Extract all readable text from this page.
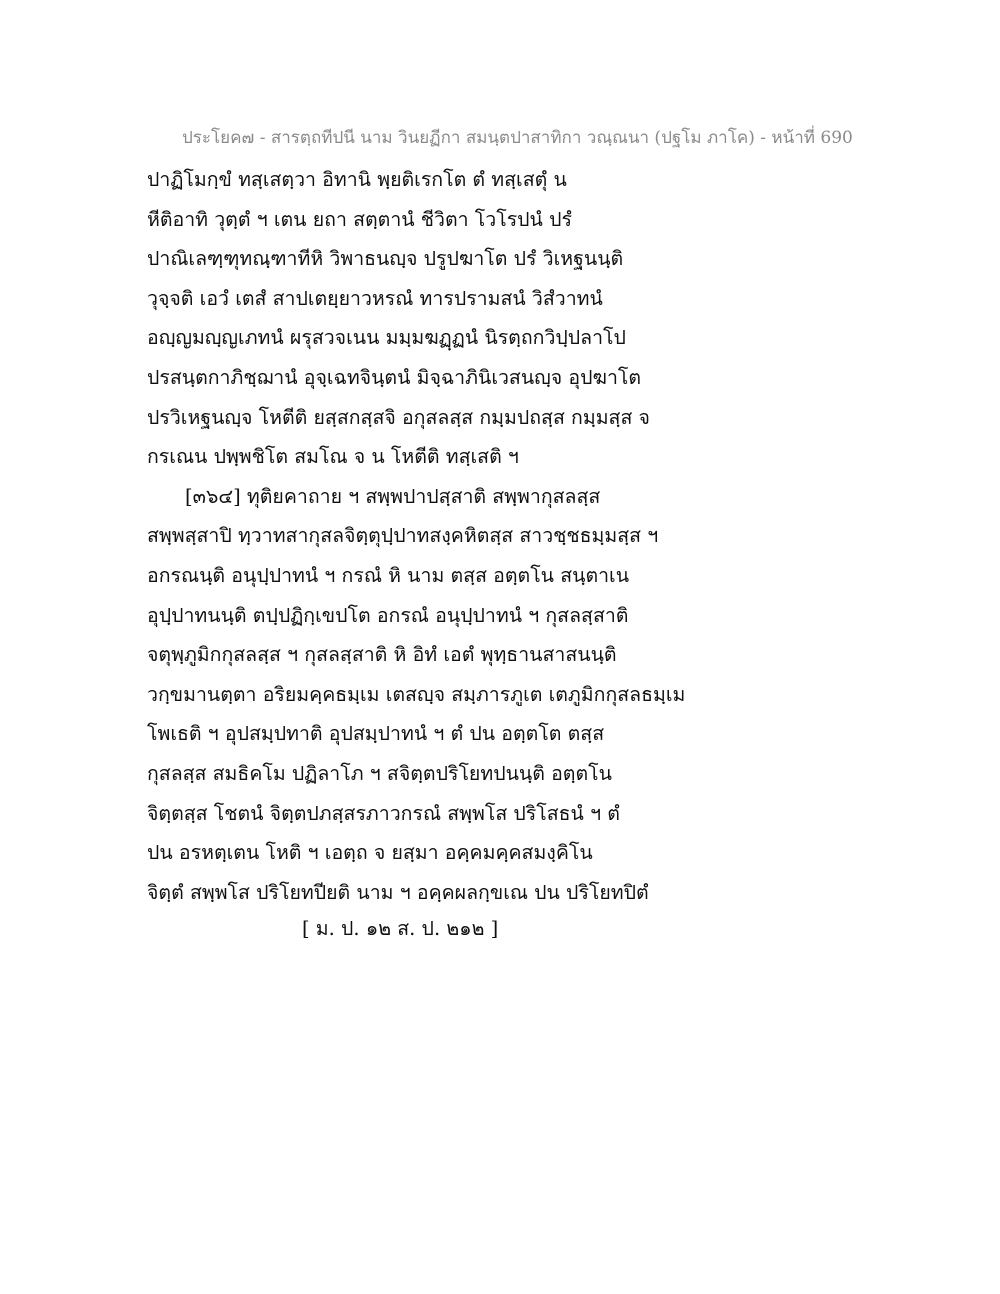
ประโยค๗ - สารตฺถทีปนี นาม วินยฏีกา สมนฺตปาสาทิกา วณฺณนา (ปฐโม ภาโค) - หน้าที่ 690
ปาฏิโมกฺขํ ทสฺเสตฺวา อิทานิ พฺยติเรกโต ตํ ทสฺเสตุํ น
หีติอาทิ วุตฺตํ ฯ เตน ยถา สตฺตานํ ชีวิตา โวโรปนํ ปรํ
ปาณิเลฑฺฑุทณฺฑาทีหิ วิพาธนญฺจ ปรูปฆาโต ปรํ วิเหฐนนฺติ
วุจฺจติ เอวํ เตสํ สาปเตยฺยาวหรณํ ทารปรามสนํ วิสํวาทนํ
อญฺญมญฺญเภทนํ ผรุสวจเนน มมฺมฆฏฺฏนํ นิรตฺถกวิปฺปลาโป
ปรสนฺตกาภิชฺฌานํ อุจฺเฉทจินฺตนํ มิจฺฉาภินิเวสนญฺจ อุปฆาโต
ปรวิเหฐนญฺจ โหตีติ ยสฺสกสฺสจิ อกุสลสฺส กมฺมปถสฺส กมฺมสฺส จ
กรเณน ปพฺพชิโต สมโณ จ น โหตีติ ทสฺเสติ ฯ
[๓๖๔] ทุติยคาถาย ฯ สพฺพปาปสฺสาติ สพฺพากุสลสฺส
สพฺพสฺสาปิ ทฺวาทสากุสลจิตฺตุปฺปาทสงฺคหิตสฺส สาวชฺชธมฺมสฺส ฯ
อกรณนฺติ อนุปฺปาทนํ ฯ กรณํ หิ นาม ตสฺส อตฺตโน สนฺตาเน
อุปฺปาทนนฺติ ตปฺปฏิกฺเขปโต อกรณํ อนุปฺปาทนํ ฯ กุสลสฺสาติ
จตุพฺภูมิกกุสลสฺส ฯ กุสลสฺสาติ หิ อิทํ เอตํ พุทฺธานสาสนนฺติ
วกฺขมานตฺตา อริยมคฺคธมฺเม เตสญฺจ สมฺภารภูเต เตภูมิกกุสลธมฺเม
โพเธติ ฯ อุปสมฺปทาติ อุปสมฺปาทนํ ฯ ตํ ปน อตฺตโต ตสฺส
กุสลสฺส สมธิคโม ปฏิลาโภ ฯ สจิตฺตปริโยทปนนฺติ อตฺตโน
จิตฺตสฺส โชตนํ จิตฺตปภสฺสรภาวกรณํ สพฺพโส ปริโสธนํ ฯ ตํ
ปน อรหตฺเตน โหติ ฯ เอตฺถ จ ยสฺมา อคฺคมคฺคสมงฺคิโน
จิตฺตํ สพฺพโส ปริโยทปียติ นาม ฯ อคฺคผลกฺขเณ ปน ปริโยทปิตํ
[ ม. ป. ๑๒ ส. ป. ๒๑๒ ]
